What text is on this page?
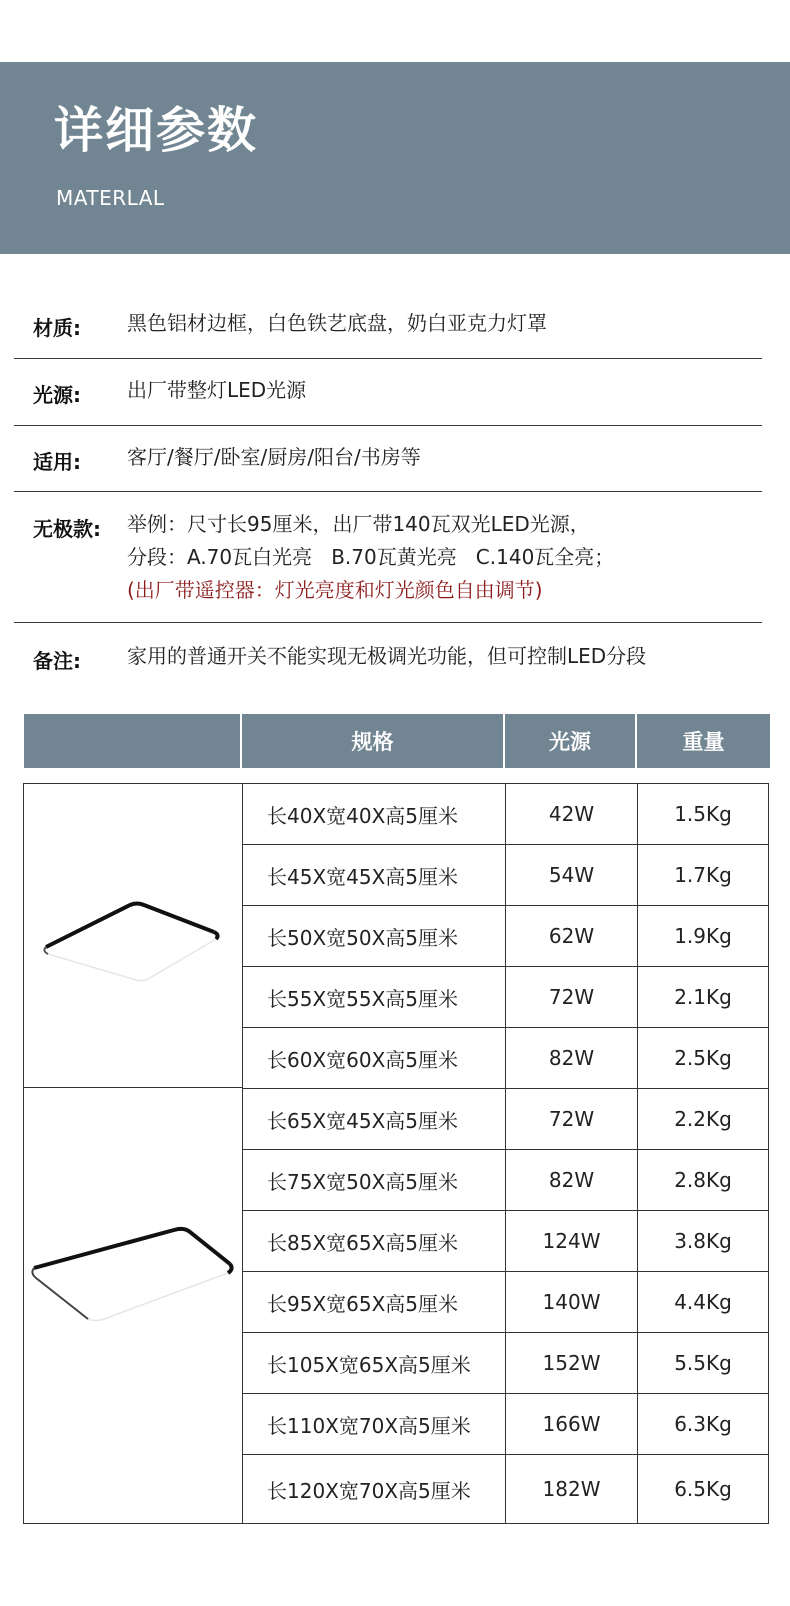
详细参数
MATERLAL
材质: 黑色铝材边框，白色铁艺底盘，奶白亚克力灯罩
光源: 出厂带整灯LED光源
适用: 客厅/餐厅/卧室/厨房/阳台/书房等
无极款: 举例：尺寸长95厘米，出厂带140瓦双光LED光源，
分段：A.70瓦白光亮   B.70瓦黄光亮   C.140瓦全亮；
(出厂带遥控器：灯光亮度和灯光颜色自由调节)
备注: 家用的普通开关不能实现无极调光功能，但可控制LED分段
规格	光源	重量
长40X宽40X高5厘米	42W	1.5Kg
长45X宽45X高5厘米	54W	1.7Kg
长50X宽50X高5厘米	62W	1.9Kg
长55X宽55X高5厘米	72W	2.1Kg
长60X宽60X高5厘米	82W	2.5Kg
长65X宽45X高5厘米	72W	2.2Kg
长75X宽50X高5厘米	82W	2.8Kg
长85X宽65X高5厘米	124W	3.8Kg
长95X宽65X高5厘米	140W	4.4Kg
长105X宽65X高5厘米	152W	5.5Kg
长110X宽70X高5厘米	166W	6.3Kg
长120X宽70X高5厘米	182W	6.5Kg
